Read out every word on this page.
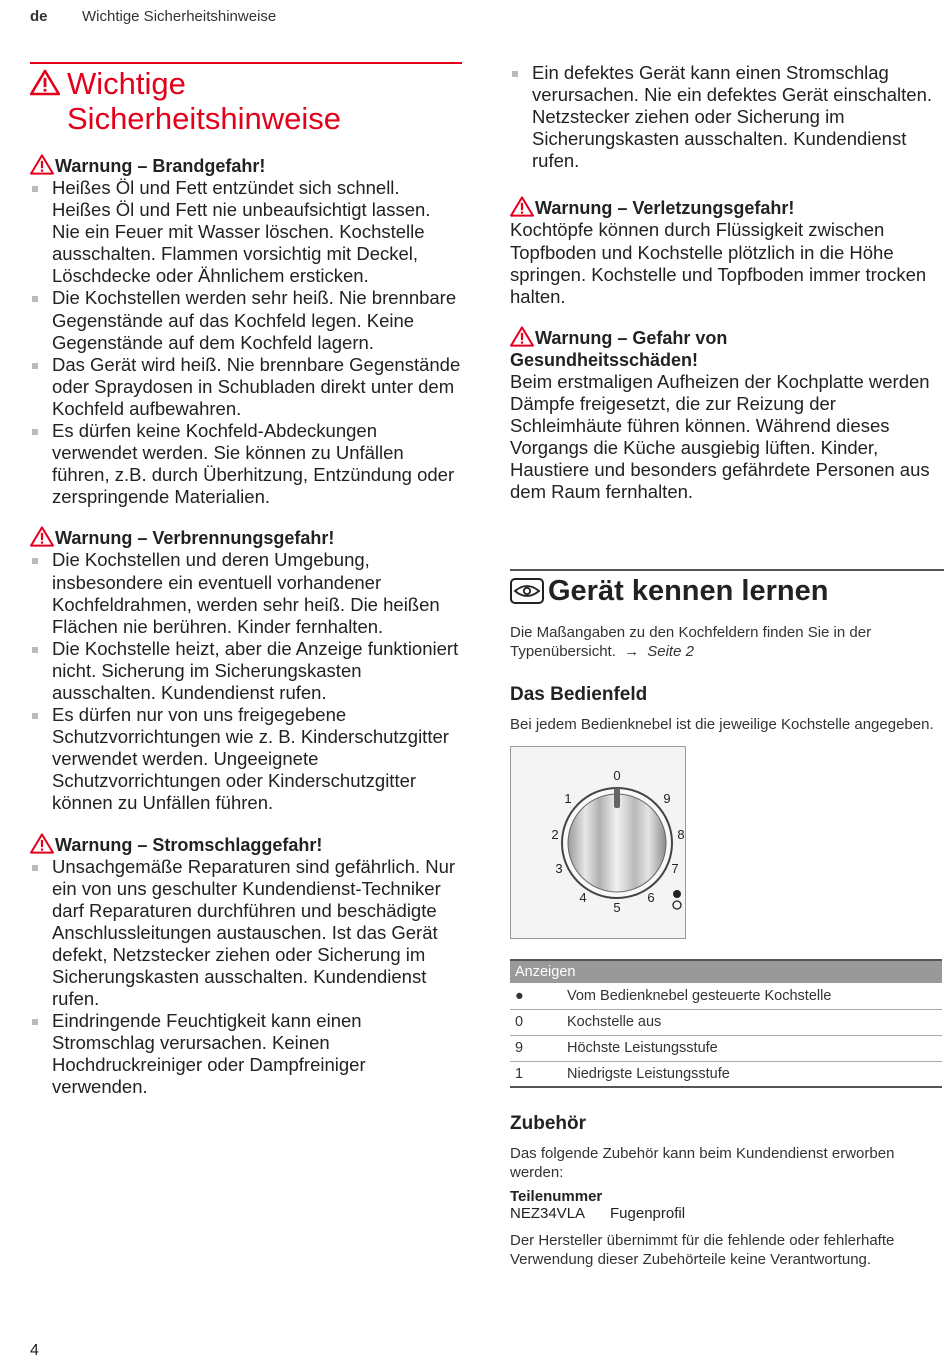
de Wichtige Sicherheitshinweise
Wichtige
Sicherheitshinweise
Warnung – Brandgefahr!
Heißes Öl und Fett entzündet sich schnell. Heißes Öl und Fett nie unbeaufsichtigt lassen. Nie ein Feuer mit Wasser löschen. Kochstelle ausschalten. Flammen vorsichtig mit Deckel, Löschdecke oder Ähnlichem ersticken.
Die Kochstellen werden sehr heiß. Nie brennbare Gegenstände auf das Kochfeld legen. Keine Gegenstände auf dem Kochfeld lagern.
Das Gerät wird heiß. Nie brennbare Gegenstände oder Spraydosen in Schubladen direkt unter dem Kochfeld aufbewahren.
Es dürfen keine Kochfeld-Abdeckungen verwendet werden. Sie können zu Unfällen führen, z.B. durch Überhitzung, Entzündung oder zerspringende Materialien.
Warnung – Verbrennungsgefahr!
Die Kochstellen und deren Umgebung, insbesondere ein eventuell vorhandener Kochfeldrahmen, werden sehr heiß. Die heißen Flächen nie berühren. Kinder fernhalten.
Die Kochstelle heizt, aber die Anzeige funktioniert nicht. Sicherung im Sicherungskasten ausschalten. Kundendienst rufen.
Es dürfen nur von uns freigegebene Schutzvorrichtungen wie z. B. Kinderschutzgitter verwendet werden. Ungeeignete Schutzvorrichtungen oder Kinderschutzgitter können zu Unfällen führen.
Warnung – Stromschlaggefahr!
Unsachgemäße Reparaturen sind gefährlich. Nur ein von uns geschulter Kundendienst-Techniker darf Reparaturen durchführen und beschädigte Anschlussleitungen austauschen. Ist das Gerät defekt, Netzstecker ziehen oder Sicherung im Sicherungskasten ausschalten. Kundendienst rufen.
Eindringende Feuchtigkeit kann einen Stromschlag verursachen. Keinen Hochdruckreiniger oder Dampfreiniger verwenden.
Ein defektes Gerät kann einen Stromschlag verursachen. Nie ein defektes Gerät einschalten. Netzstecker ziehen oder Sicherung im Sicherungskasten ausschalten. Kundendienst rufen.
Warnung – Verletzungsgefahr!

Kochtöpfe können durch Flüssigkeit zwischen Topfboden und Kochstelle plötzlich in die Höhe springen. Kochstelle und Topfboden immer trocken halten.

Warnung – Gefahr von
Gesundheitsschäden!

Beim erstmaligen Aufheizen der Kochplatte werden Dämpfe freigesetzt, die zur Reizung der Schleimhäute führen können. Während dieses Vorgangs die Küche ausgiebig lüften. Kinder, Haustiere und besonders gefährdete Personen aus dem Raum fernhalten.

Gerät kennen lernen

Die Maßangaben zu den Kochfeldern finden Sie in der Typenübersicht. → Seite 2

Das Bedienfeld

Bei jedem Bedienknebel ist die jeweilige Kochstelle angegeben.

0
1
2
3
4
5
6
7
8
9
Anzeigen	
●	Vom Bedienknebel gesteuerte Kochstelle
0	Kochstelle aus
9	Höchste Leistungsstufe
1	Niedrigste Leistungsstufe
Zubehör

Das folgende Zubehör kann beim Kundendienst erworben werden:

Teilenummer
NEZ34VLA Fugenprofil

Der Hersteller übernimmt für die fehlende oder fehlerhafte Verwendung dieser Zubehörteile keine Verantwortung.

4
